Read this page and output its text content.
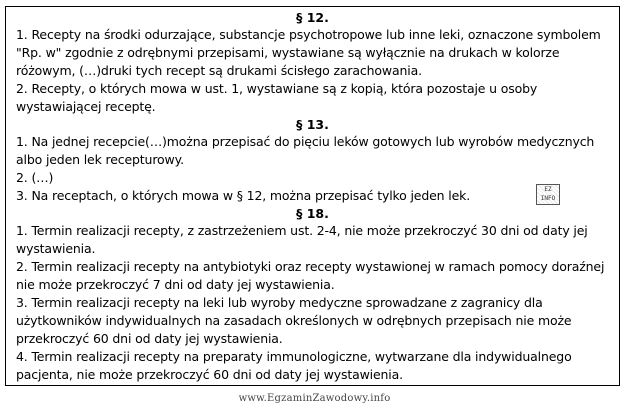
§ 12.

1. Recepty na środki odurzające, substancje psychotropowe lub inne leki, oznaczone symbolem "Rp. w" zgodnie z odrębnymi przepisami, wystawiane są wyłącznie na drukach w kolorze różowym, (…)druki tych recept są drukami ścisłego zarachowania.

2. Recepty, o których mowa w ust. 1, wystawiane są z kopią, która pozostaje u osoby wystawiającej receptę.

§ 13.

1. Na jednej recepcie(…)można przepisać do pięciu leków gotowych lub wyrobów medycznych albo jeden lek recepturowy.

2. (…)

3. Na receptach, o których mowa w § 12, można przepisać tylko jeden lek.

§ 18.

1. Termin realizacji recepty, z zastrzeżeniem ust. 2-4, nie może przekroczyć 30 dni od daty jej wystawienia.

2. Termin realizacji recepty na antybiotyki oraz recepty wystawionej w ramach pomocy doraźnej nie może przekroczyć 7 dni od daty jej wystawienia.

3. Termin realizacji recepty na leki lub wyroby medyczne sprowadzane z zagranicy dla użytkowników indywidualnych na zasadach określonych w odrębnych przepisach nie może przekroczyć 60 dni od daty jej wystawienia.

4. Termin realizacji recepty na preparaty immunologiczne, wytwarzane dla indywidualnego pacjenta, nie może przekroczyć 60 dni od daty jej wystawienia.

EZ
INFO
www.EgzaminZawodowy.info
